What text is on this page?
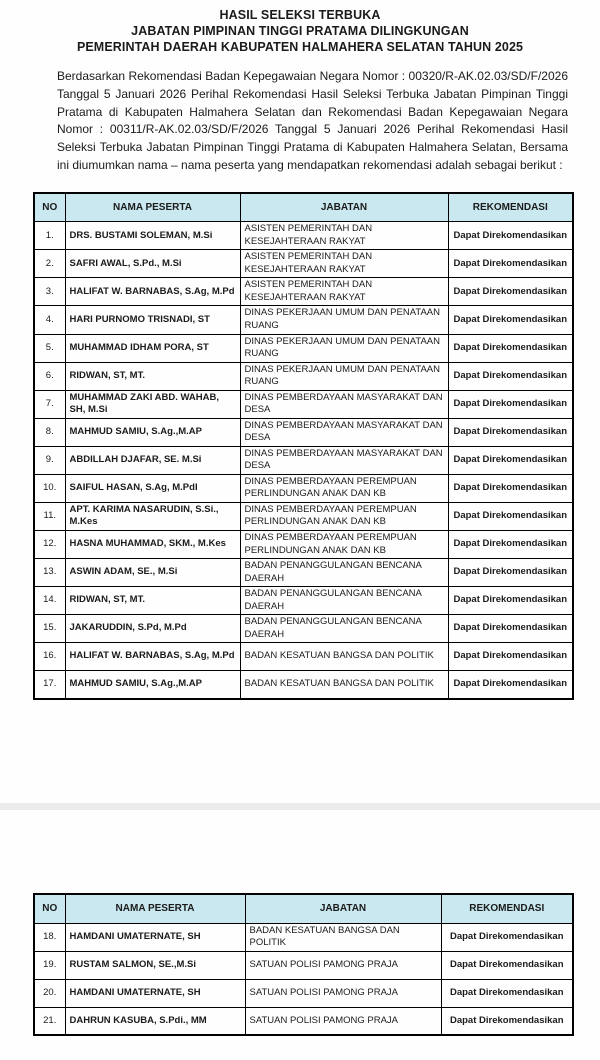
HASIL SELEKSI TERBUKA
JABATAN PIMPINAN TINGGI PRATAMA DILINGKUNGAN
PEMERINTAH DAERAH KABUPATEN HALMAHERA SELATAN TAHUN 2025

Berdasarkan Rekomendasi Badan Kepegawaian Negara Nomor : 00320/R-AK.02.03/SD/F/2026 Tanggal 5 Januari 2026 Perihal Rekomendasi Hasil Seleksi Terbuka Jabatan Pimpinan Tinggi Pratama di Kabupaten Halmahera Selatan dan Rekomendasi Badan Kepegawaian Negara Nomor : 00311/R-AK.02.03/SD/F/2026 Tanggal 5 Januari 2026 Perihal Rekomendasi Hasil Seleksi Terbuka Jabatan Pimpinan Tinggi Pratama di Kabupaten Halmahera Selatan, Bersama ini diumumkan nama – nama peserta yang mendapatkan rekomendasi adalah sebagai berikut :

NO	NAMA PESERTA	JABATAN	REKOMENDASI
1.	DRS. BUSTAMI SOLEMAN, M.Si	ASISTEN PEMERINTAH DAN KESEJAHTERAAN RAKYAT	Dapat Direkomendasikan
2.	SAFRI AWAL, S.Pd., M.Si	ASISTEN PEMERINTAH DAN KESEJAHTERAAN RAKYAT	Dapat Direkomendasikan
3.	HALIFAT W. BARNABAS, S.Ag, M.Pd	ASISTEN PEMERINTAH DAN KESEJAHTERAAN RAKYAT	Dapat Direkomendasikan
4.	HARI PURNOMO TRISNADI, ST	DINAS PEKERJAAN UMUM DAN PENATAAN RUANG	Dapat Direkomendasikan
5.	MUHAMMAD IDHAM PORA, ST	DINAS PEKERJAAN UMUM DAN PENATAAN RUANG	Dapat Direkomendasikan
6.	RIDWAN, ST, MT.	DINAS PEKERJAAN UMUM DAN PENATAAN RUANG	Dapat Direkomendasikan
7.	MUHAMMAD ZAKI ABD. WAHAB, SH, M.Si	DINAS PEMBERDAYAAN MASYARAKAT DAN DESA	Dapat Direkomendasikan
8.	MAHMUD SAMIU, S.Ag.,M.AP	DINAS PEMBERDAYAAN MASYARAKAT DAN DESA	Dapat Direkomendasikan
9.	ABDILLAH DJAFAR, SE. M.Si	DINAS PEMBERDAYAAN MASYARAKAT DAN DESA	Dapat Direkomendasikan
10.	SAIFUL HASAN, S.Ag, M.PdI	DINAS PEMBERDAYAAN PEREMPUAN PERLINDUNGAN ANAK DAN KB	Dapat Direkomendasikan
11.	APT. KARIMA NASARUDIN, S.Si., M.Kes	DINAS PEMBERDAYAAN PEREMPUAN PERLINDUNGAN ANAK DAN KB	Dapat Direkomendasikan
12.	HASNA MUHAMMAD, SKM., M.Kes	DINAS PEMBERDAYAAN PEREMPUAN PERLINDUNGAN ANAK DAN KB	Dapat Direkomendasikan
13.	ASWIN ADAM, SE., M.Si	BADAN PENANGGULANGAN BENCANA DAERAH	Dapat Direkomendasikan
14.	RIDWAN, ST, MT.	BADAN PENANGGULANGAN BENCANA DAERAH	Dapat Direkomendasikan
15.	JAKARUDDIN, S.Pd, M.Pd	BADAN PENANGGULANGAN BENCANA DAERAH	Dapat Direkomendasikan
16.	HALIFAT W. BARNABAS, S.Ag, M.Pd	BADAN KESATUAN BANGSA DAN POLITIK	Dapat Direkomendasikan
17.	MAHMUD SAMIU, S.Ag.,M.AP	BADAN KESATUAN BANGSA DAN POLITIK	Dapat Direkomendasikan
NO	NAMA PESERTA	JABATAN	REKOMENDASI
18.	HAMDANI UMATERNATE, SH	BADAN KESATUAN BANGSA DAN POLITIK	Dapat Direkomendasikan
19.	RUSTAM SALMON, SE.,M.Si	SATUAN POLISI PAMONG PRAJA	Dapat Direkomendasikan
20.	HAMDANI UMATERNATE, SH	SATUAN POLISI PAMONG PRAJA	Dapat Direkomendasikan
21.	DAHRUN KASUBA, S.Pdi., MM	SATUAN POLISI PAMONG PRAJA	Dapat Direkomendasikan
